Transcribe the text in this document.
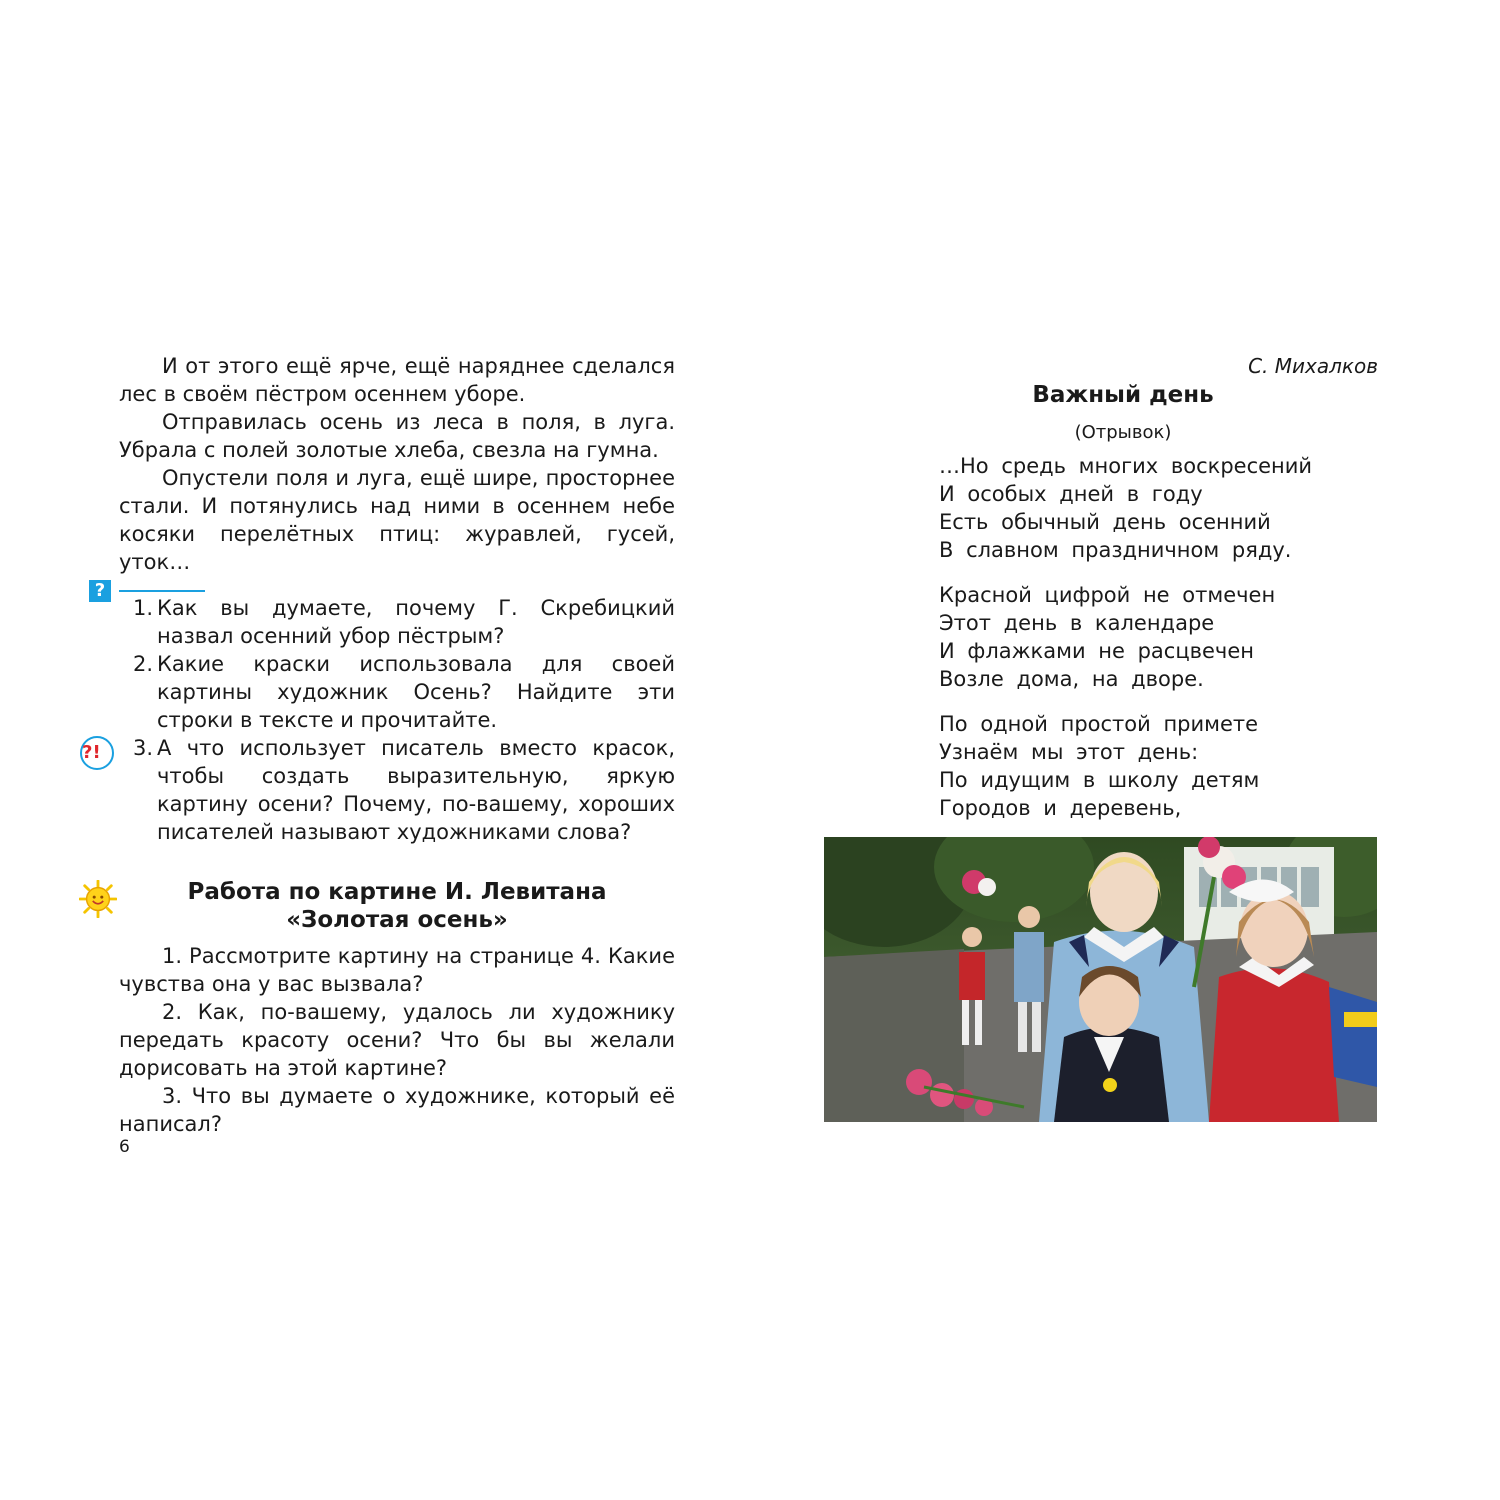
И от этого ещё ярче, ещё наряднее сделался лес в своём пёстром осеннем уборе.

Отправилась осень из леса в поля, в луга. Убрала с полей золотые хлеба, свезла на гумна.

Опустели поля и луга, ещё шире, просторнее стали. И потянулись над ними в осеннем небе косяки перелётных птиц: журавлей, гусей, уток…

?
1. Как вы думаете, почему Г. Скребицкий назвал осенний убор пёстрым?
2. Какие краски использовала для своей картины художник Осень? Найдите эти строки в тексте и прочитайте.
?!	3. А что использует писатель вместо красок, чтобы создать выразительную, яркую картину осени? Почему, по-вашему, хороших писателей называют художниками слова?

Работа по картине И. Левитана

«Золотая осень»

1. Рассмотрите картину на странице 4. Какие чувства она у вас вызвала?

2. Как, по-вашему, удалось ли художнику передать красоту осени? Что бы вы желали дорисовать на этой картине?

3. Что вы думаете о художнике, который её написал?

6
С. Михалков
Важный день
(Отрывок)
…Но средь многих воскресений
И особых дней в году
Есть обычный день осенний
В славном праздничном ряду.
Красной цифрой не отмечен
Этот день в календаре
И флажками не расцвечен
Возле дома, на дворе.
По одной простой примете
Узнаём мы этот день:
По идущим в школу детям
Городов и деревень,
